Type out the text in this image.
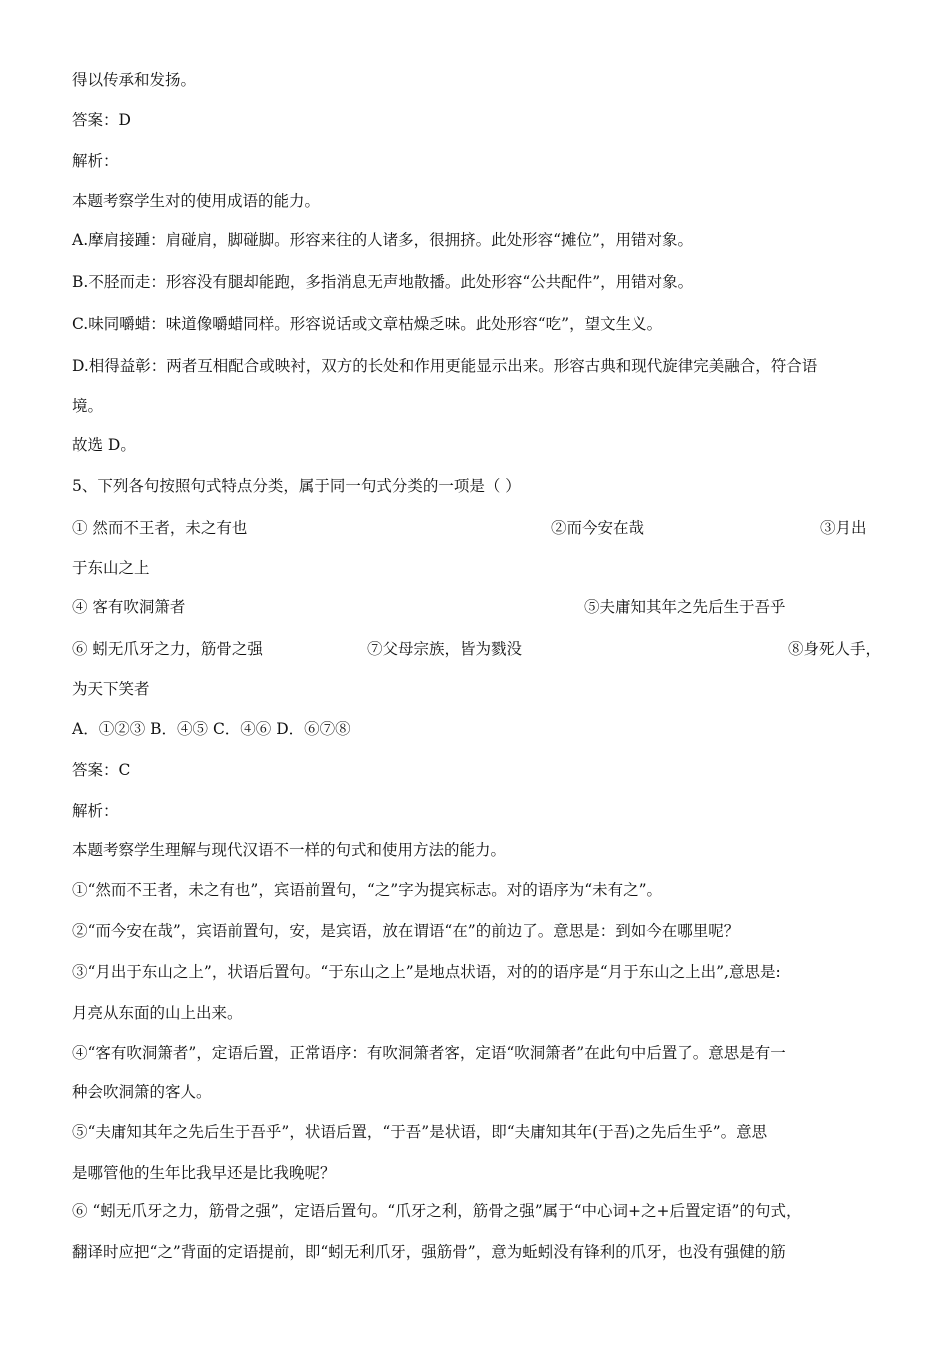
得以传承和发扬。
答案：D
解析：
本题考察学生对的使用成语的能力。
A.摩肩接踵：肩碰肩，脚碰脚。形容来往的人诸多，很拥挤。此处形容“摊位”，用错对象。
B.不胫而走：形容没有腿却能跑，多指消息无声地散播。此处形容“公共配件”，用错对象。
C.味同嚼蜡：味道像嚼蜡同样。形容说话或文章枯燥乏味。此处形容“吃”，望文生义。
D.相得益彰：两者互相配合或映衬，双方的长处和作用更能显示出来。形容古典和现代旋律完美融合，符合语
境。
故选 D。
5、下列各句按照句式特点分类，属于同一句式分类的一项是（ ）
① 然而不王者，未之有也	②而今安在哉	③月出
于东山之上
④ 客有吹洞箫者	⑤夫庸知其年之先后生于吾乎
⑥ 蚓无爪牙之力，筋骨之强	⑦父母宗族，皆为戮没	⑧身死人手，
为天下笑者
A．①②③ B．④⑤ C．④⑥ D．⑥⑦⑧
答案：C
解析：
本题考察学生理解与现代汉语不一样的句式和使用方法的能力。
①“然而不王者，未之有也”，宾语前置句，“之”字为提宾标志。对的语序为“未有之”。
②“而今安在哉”，宾语前置句，安，是宾语，放在谓语“在”的前边了。意思是：到如今在哪里呢？
③“月出于东山之上”，状语后置句。“于东山之上”是地点状语，对的的语序是“月于东山之上出”,意思是:
月亮从东面的山上出来。
④“客有吹洞箫者”，定语后置，正常语序：有吹洞箫者客，定语“吹洞箫者”在此句中后置了。意思是有一
种会吹洞箫的客人。
⑤“夫庸知其年之先后生于吾乎”，状语后置，“于吾”是状语，即“夫庸知其年(于吾)之先后生乎”。意思
是哪管他的生年比我早还是比我晚呢？
⑥ “蚓无爪牙之力，筋骨之强”，定语后置句。“爪牙之利，筋骨之强”属于“中心词+之+后置定语”的句式，
翻译时应把“之”背面的定语提前，即“蚓无利爪牙，强筋骨”，意为蚯蚓没有锋利的爪牙，也没有强健的筋
